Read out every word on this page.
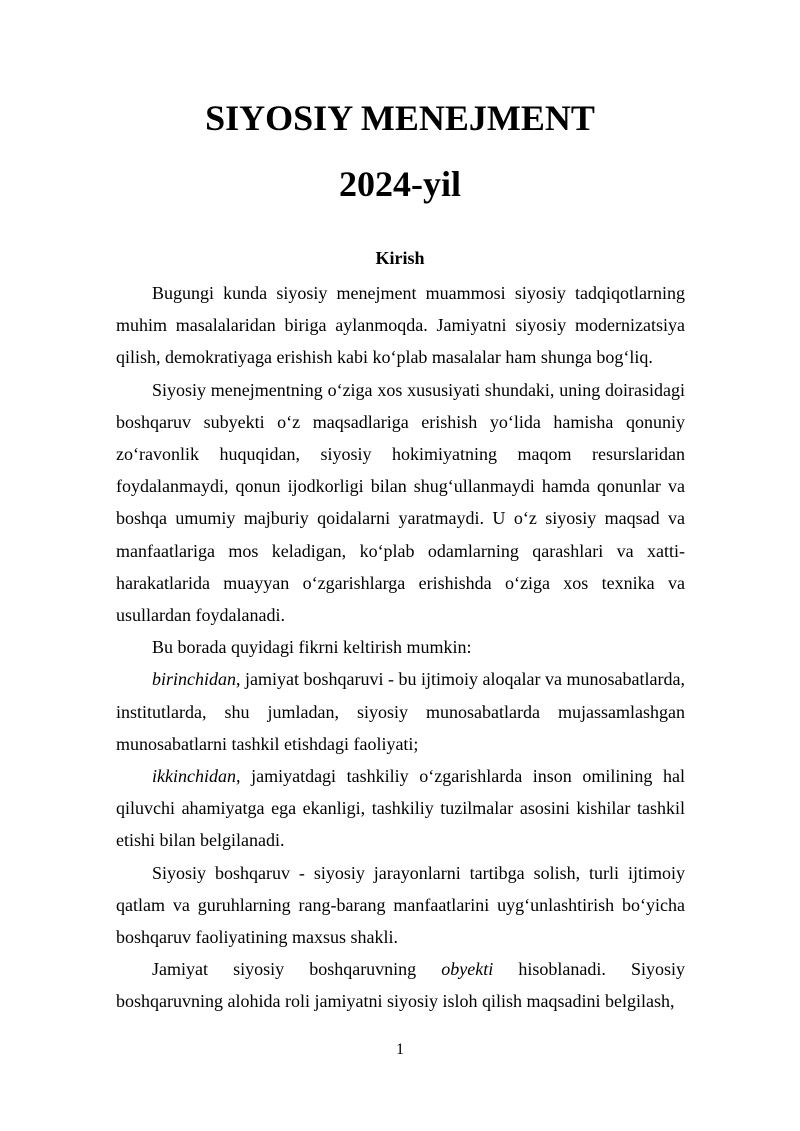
SIYOSIY MENEJMENT
2024-yil
Kirish

Bugungi kunda siyosiy menejment muammosi siyosiy tadqiqotlarning muhim masalalaridan biriga aylanmoqda. Jamiyatni siyosiy modernizatsiya qilish, demokratiyaga erishish kabi ko‘plab masalalar ham shunga bog‘liq.

Siyosiy menejmentning o‘ziga xos xususiyati shundaki, uning doirasidagi boshqaruv subyekti o‘z maqsadlariga erishish yo‘lida hamisha qonuniy zo‘ravonlik huquqidan, siyosiy hokimiyatning maqom resurslaridan foydalanmaydi, qonun ijodkorligi bilan shug‘ullanmaydi hamda qonunlar va boshqa umumiy majburiy qoidalarni yaratmaydi. U o‘z siyosiy maqsad va manfaatlariga mos keladigan, ko‘plab odamlarning qarashlari va xatti-harakatlarida muayyan o‘zgarishlarga erishishda o‘ziga xos texnika va usullardan foydalanadi.

Bu borada quyidagi fikrni keltirish mumkin:

birinchidan, jamiyat boshqaruvi - bu ijtimoiy aloqalar va munosabatlarda, institutlarda, shu jumladan, siyosiy munosabatlarda mujassamlashgan munosabatlarni tashkil etishdagi faoliyati;

ikkinchidan, jamiyatdagi tashkiliy o‘zgarishlarda inson omilining hal qiluvchi ahamiyatga ega ekanligi, tashkiliy tuzilmalar asosini kishilar tashkil etishi bilan belgilanadi.

Siyosiy boshqaruv - siyosiy jarayonlarni tartibga solish, turli ijtimoiy qatlam va guruhlarning rang-barang manfaatlarini uyg‘unlashtirish bo‘yicha boshqaruv faoliyatining maxsus shakli.

Jamiyat siyosiy boshqaruvning obyekti hisoblanadi. Siyosiy boshqaruvning alohida roli jamiyatni siyosiy isloh qilish maqsadini belgilash,

1
